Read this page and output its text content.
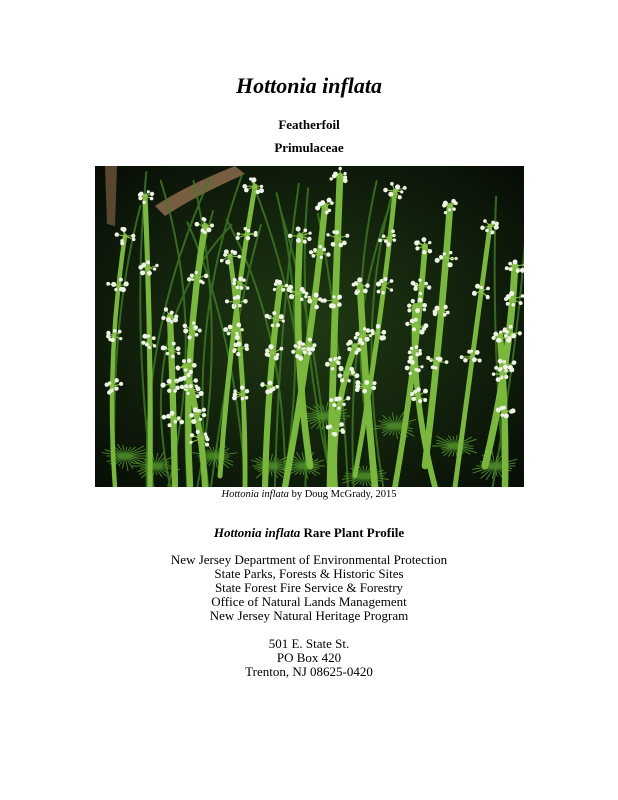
Hottonia inflata
Featherfoil
Primulaceae
Hottonia inflata by Doug McGrady, 2015
Hottonia inflata Rare Plant Profile
New Jersey Department of Environmental Protection
State Parks, Forests & Historic Sites
State Forest Fire Service & Forestry
Office of Natural Lands Management
New Jersey Natural Heritage Program
501 E. State St.
PO Box 420
Trenton, NJ 08625-0420
